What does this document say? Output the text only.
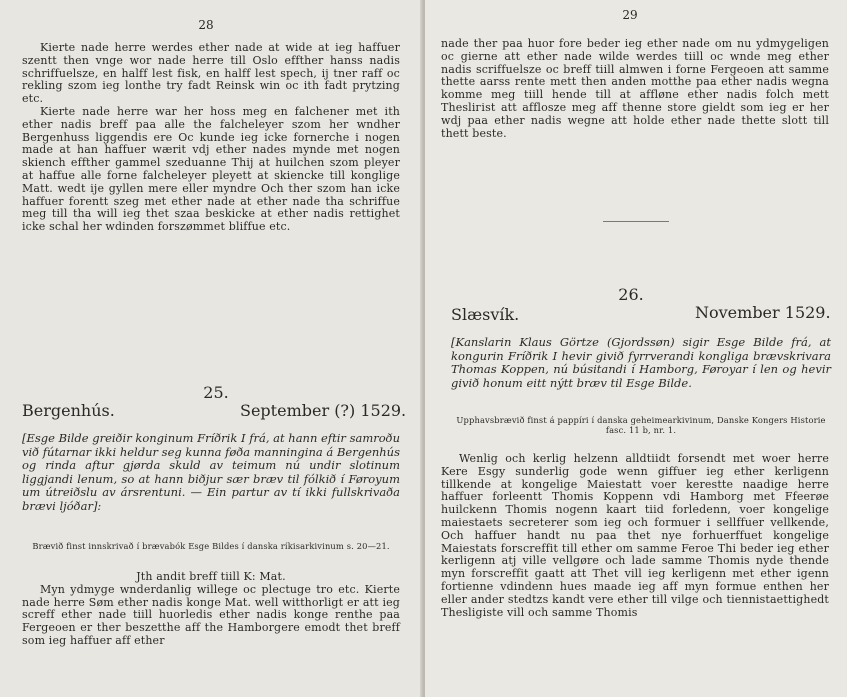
28
Kierte nade herre werdes ether nade at wide at ieg haffuer szentt then vnge wor nade herre till Oslo effther hanss nadis schriffuelsze, en halff lest fisk, en halff lest spech, ij tner raff oc rekling szom ieg lonthe try fadt Reinsk win oc ith fadt prytzing etc.
Kierte nade herre war her hoss meg en falchener met ith ether nadis breff paa alle the falcheleyer szom her wndher Bergenhuss liggendis ere Oc kunde ieg icke fornerche i nogen made at han haffuer wærit vdj ether nades mynde met nogen skiench effther gammel szeduanne Thij at huilchen szom pleyer at haffue alle forne falcheleyer pleyett at skiencke till konglige Matt. wedt ije gyllen mere eller myndre Och ther szom han icke haffuer forentt szeg met ether nade at ether nade tha schriffue meg till tha will ieg thet szaa beskicke at ether nadis rettighet icke schal her wdinden forszømmet bliffue etc.
25.
Bergenhús.	September (?) 1529.
[Esge Bilde greiðir konginum Fríðrik I frá, at hann eftir samroðu við fútarnar ikki heldur seg kunna føða manningina á Bergenhús og rinda aftur gjørda skuld av teimum nú undir slotinum liggjandi lenum, so at hann biðjur sær bræv til fólkið í Føroyum um útreiðslu av ársrentuni. — Ein partur av tí ikki fullskrivaða brævi ljóðar]:
Brævið finst innskrivað í brævabók Esge Bildes í danska ríkisarkivinum s. 20—21.
Jth andit breff tiill K: Mat.
Myn ydmyge wnderdanlig willege oc plectuge tro etc. Kierte nade herre Søm ether nadis konge Mat. well witthorligt er att ieg screff ether nade tiill huorledis ether nadis konge renthe paa Fergeoen er ther beszetthe aff the Hamborgere emodt thet breff som ieg haffuer aff ether
29
nade ther paa huor fore beder ieg ether nade om nu ydmygeligen oc gierne att ether nade wilde werdes tiill oc wnde meg ether nadis scriffuelsze oc breff tiill almwen i forne Fergeoen att samme thette aarss rente mett then anden motthe paa ether nadis wegna komme meg tiill hende till at affløne ether nadis folch mett Theslігist att afflosze meg aff thenne store gieldt som ieg er her wdj paa ether nadis wegne att holde ether nade thette slott till thett beste.
26.
Slæsvík.	November 1529.
[Kanslarin Klaus Görtze (Gjordssøn) sigir Esge Bilde frá, at kongurin Fríðrik I hevir givið fyrrverandi kongliga brævskrivara Thomas Koppen, nú búsitandi í Hamborg, Føroyar í len og hevir givið honum eitt nýtt bræv til Esge Bilde.
Upphavsbrævið finst á pappíri í danska geheimearkivinum, Danske Kongers Historie fasc. 11 b, nr. 1.
Wenlig och kerlig helzenn alldtiidt forsendt met woer herre Kere Esgy sunderlig gode wenn giffuer ieg ether kerligenn tillkende at kongelige Maiestatt voer kerestte naadige herre haffuer forleentt Thomis Koppenn vdi Hamborg met Ffeerøe huilckenn Thomis nogenn kaart tiid forledenn, voer kongelige maiestaets secreterer som ieg och formuer i sellffuer vellkende, Och haffuer handt nu paa thet nye forhuerffuet kongelige Maiestats forscreffit till ether om samme Feroe Thi beder ieg ether kerligenn atj ville vellgøre och lade samme Thomis nyde thende myn forscreffit gaatt att Thet vill ieg kerligenn met ether igenn fortienne vdindenn hues maade ieg aff myn formue enthen her eller ander stedtzs kandt vere ether till vilge och tiennistaettighedt Thesligiste vill och samme Thomis
